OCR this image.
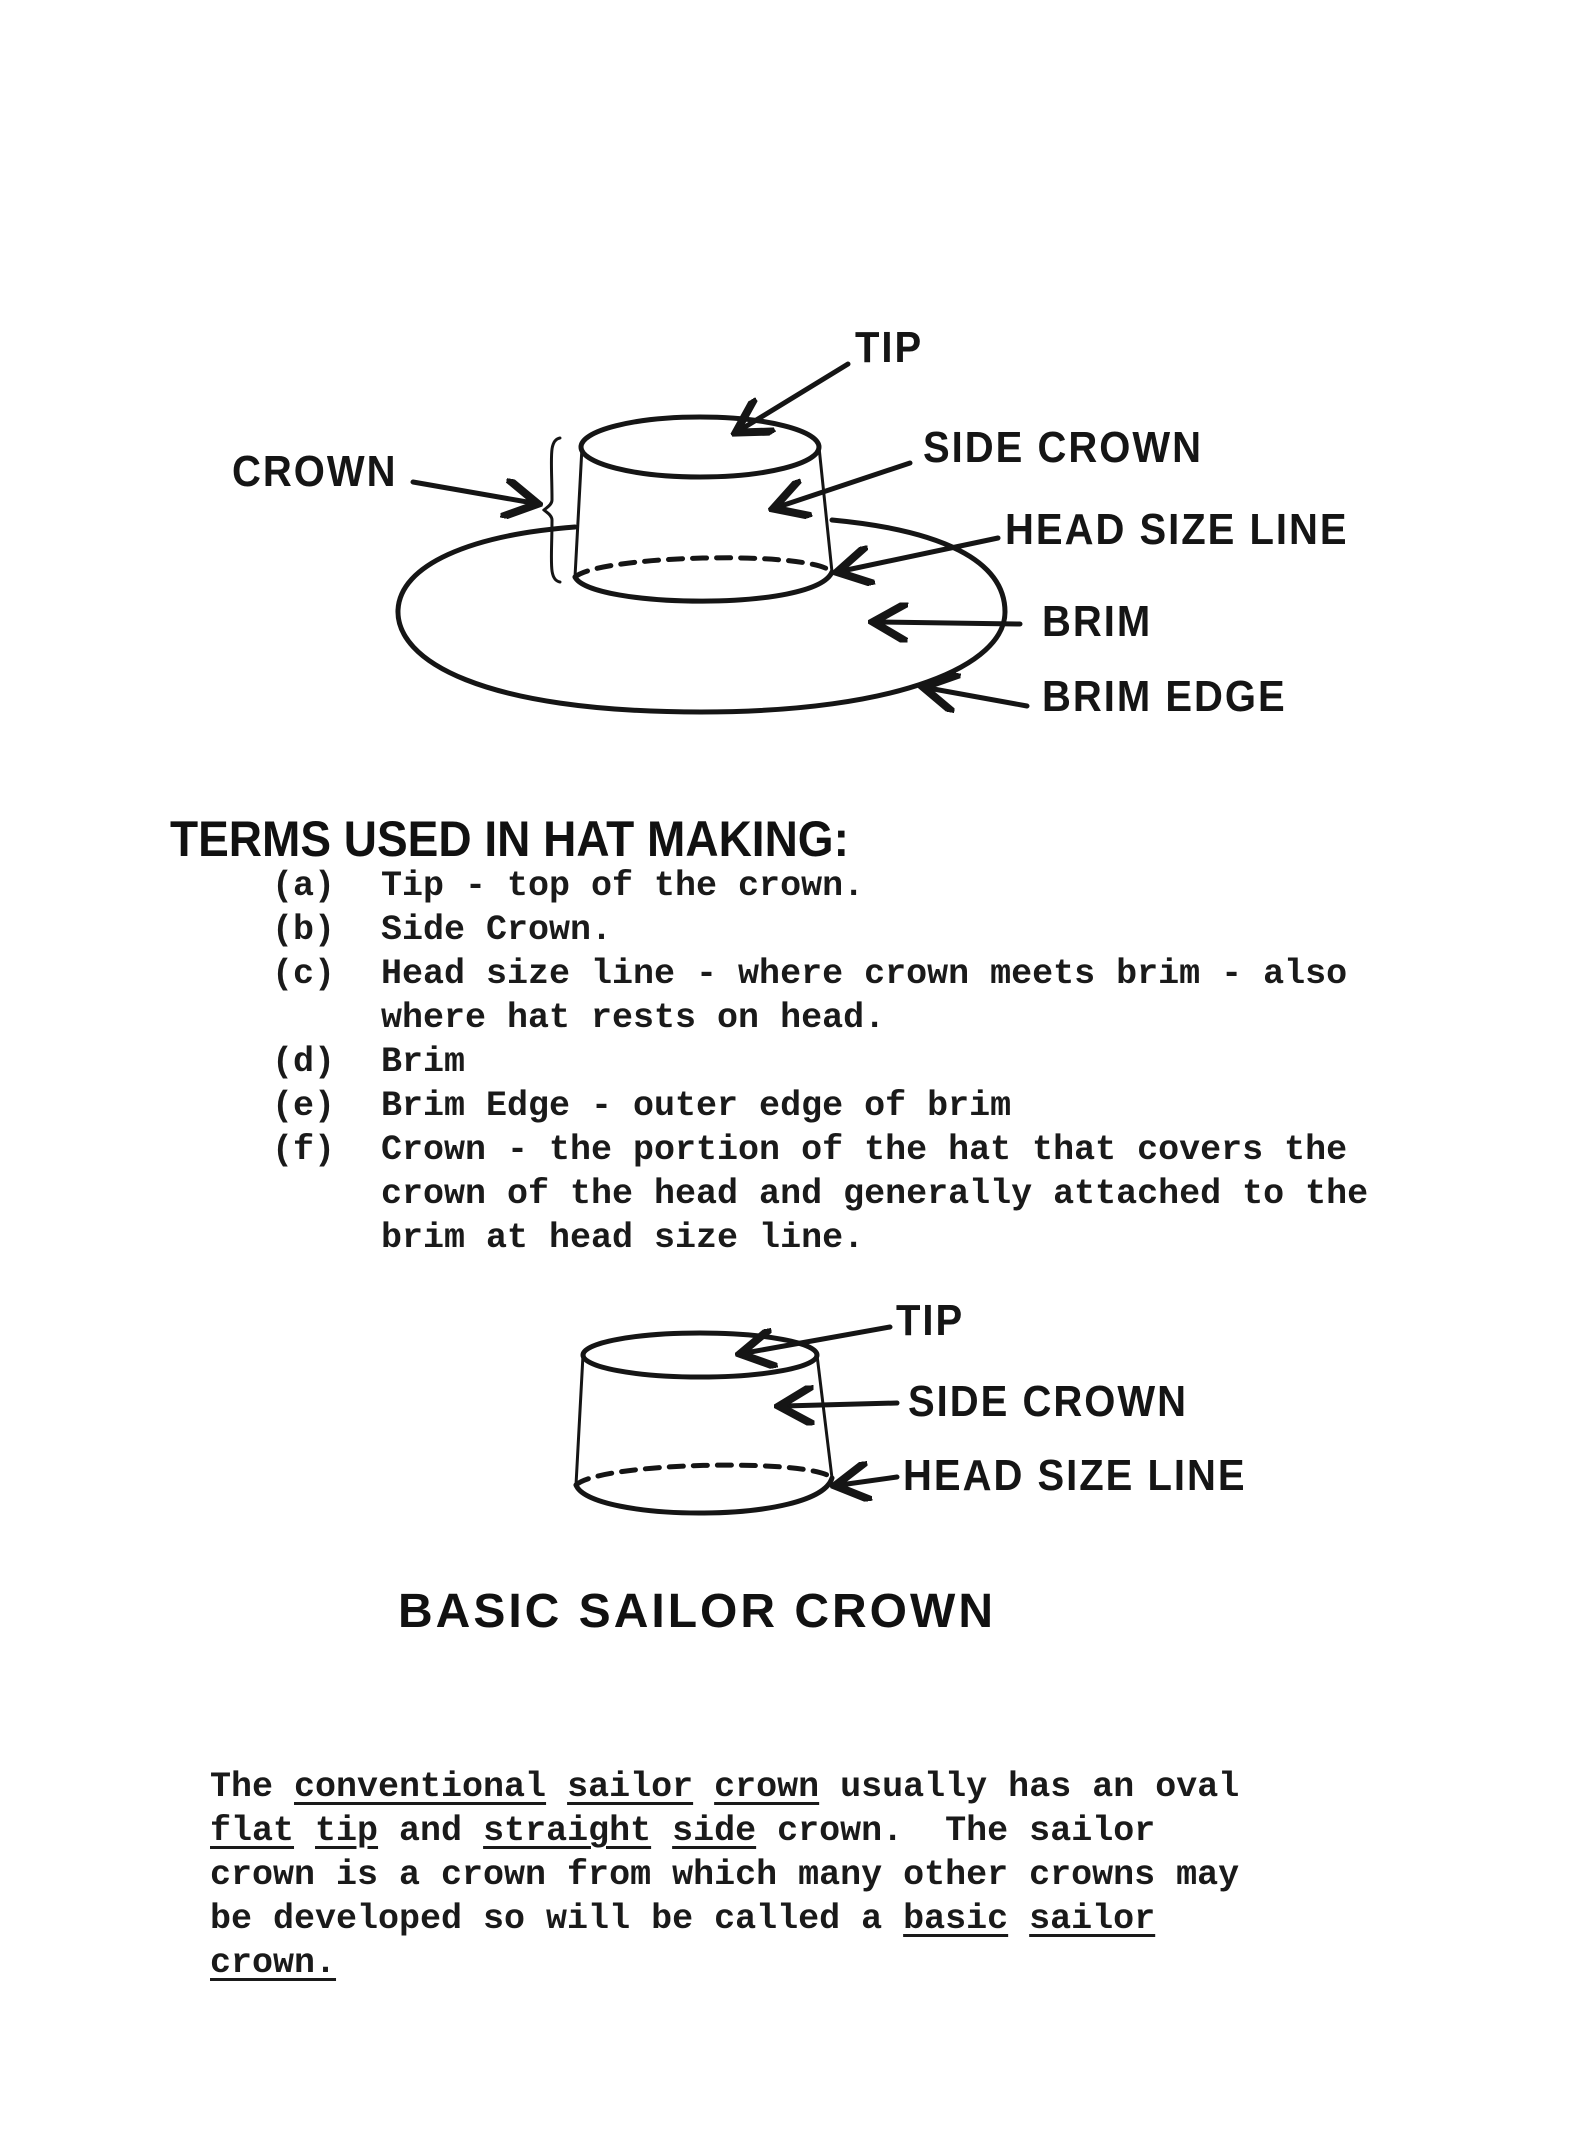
TIP
CROWN
SIDE CROWN
HEAD SIZE LINE
BRIM
BRIM EDGE
TERMS USED IN HAT MAKING:
(a)	Tip - top of the crown.
(b)	Side Crown.
(c)	Head size line - where crown meets brim - also
where hat rests on head.
(d)	Brim
(e)	Brim Edge - outer edge of brim
(f)	Crown - the portion of the hat that covers the
crown of the head and generally attached to the
brim at head size line.
TIP
SIDE CROWN
HEAD SIZE LINE
BASIC SAILOR CROWN
The conventional sailor crown usually has an oval
flat tip and straight side crown.  The sailor
crown is a crown from which many other crowns may
be developed so will be called a basic sailor
crown.
